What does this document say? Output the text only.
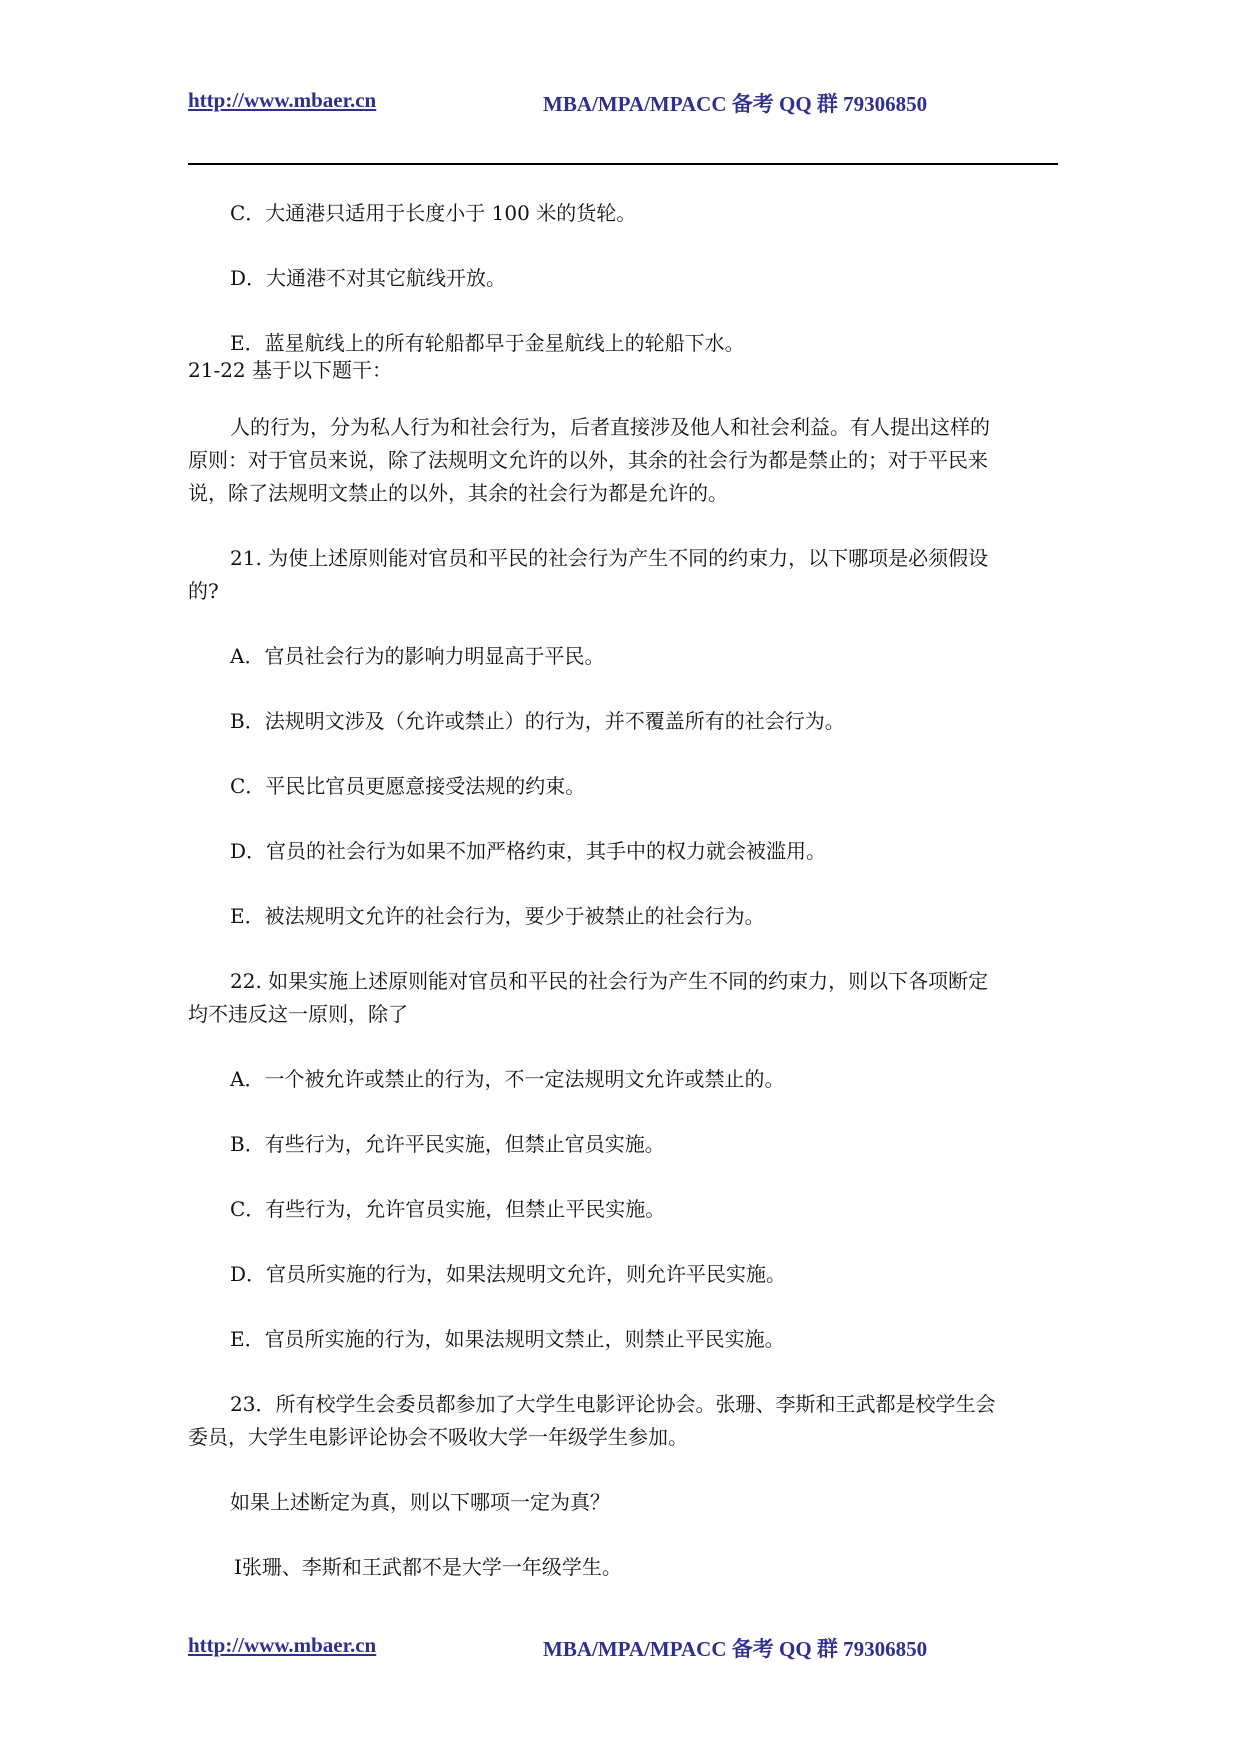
http://www.mbaer.cn	MBA/MPA/MPACC 备考 QQ 群 79306850

C．大通港只适用于长度小于 100 米的货轮。

D．大通港不对其它航线开放。

E．蓝星航线上的所有轮船都早于金星航线上的轮船下水。

21-22 基于以下题干：

人的行为，分为私人行为和社会行为，后者直接涉及他人和社会利益。有人提出这样的

原则：对于官员来说，除了法规明文允许的以外，其余的社会行为都是禁止的；对于平民来

说，除了法规明文禁止的以外，其余的社会行为都是允许的。

21. 为使上述原则能对官员和平民的社会行为产生不同的约束力，以下哪项是必须假设

的?

A．官员社会行为的影响力明显高于平民。

B．法规明文涉及（允许或禁止）的行为，并不覆盖所有的社会行为。

C．平民比官员更愿意接受法规的约束。

D．官员的社会行为如果不加严格约束，其手中的权力就会被滥用。

E．被法规明文允许的社会行为，要少于被禁止的社会行为。

22. 如果实施上述原则能对官员和平民的社会行为产生不同的约束力，则以下各项断定

均不违反这一原则，除了

A．一个被允许或禁止的行为，不一定法规明文允许或禁止的。

B．有些行为，允许平民实施，但禁止官员实施。

C．有些行为，允许官员实施，但禁止平民实施。

D．官员所实施的行为，如果法规明文允许，则允许平民实施。

E．官员所实施的行为，如果法规明文禁止，则禁止平民实施。

23．所有校学生会委员都参加了大学生电影评论协会。张珊、李斯和王武都是校学生会

委员，大学生电影评论协会不吸收大学一年级学生参加。

如果上述断定为真，则以下哪项一定为真？

Ⅰ张珊、李斯和王武都不是大学一年级学生。

http://www.mbaer.cn	MBA/MPA/MPACC 备考 QQ 群 79306850
